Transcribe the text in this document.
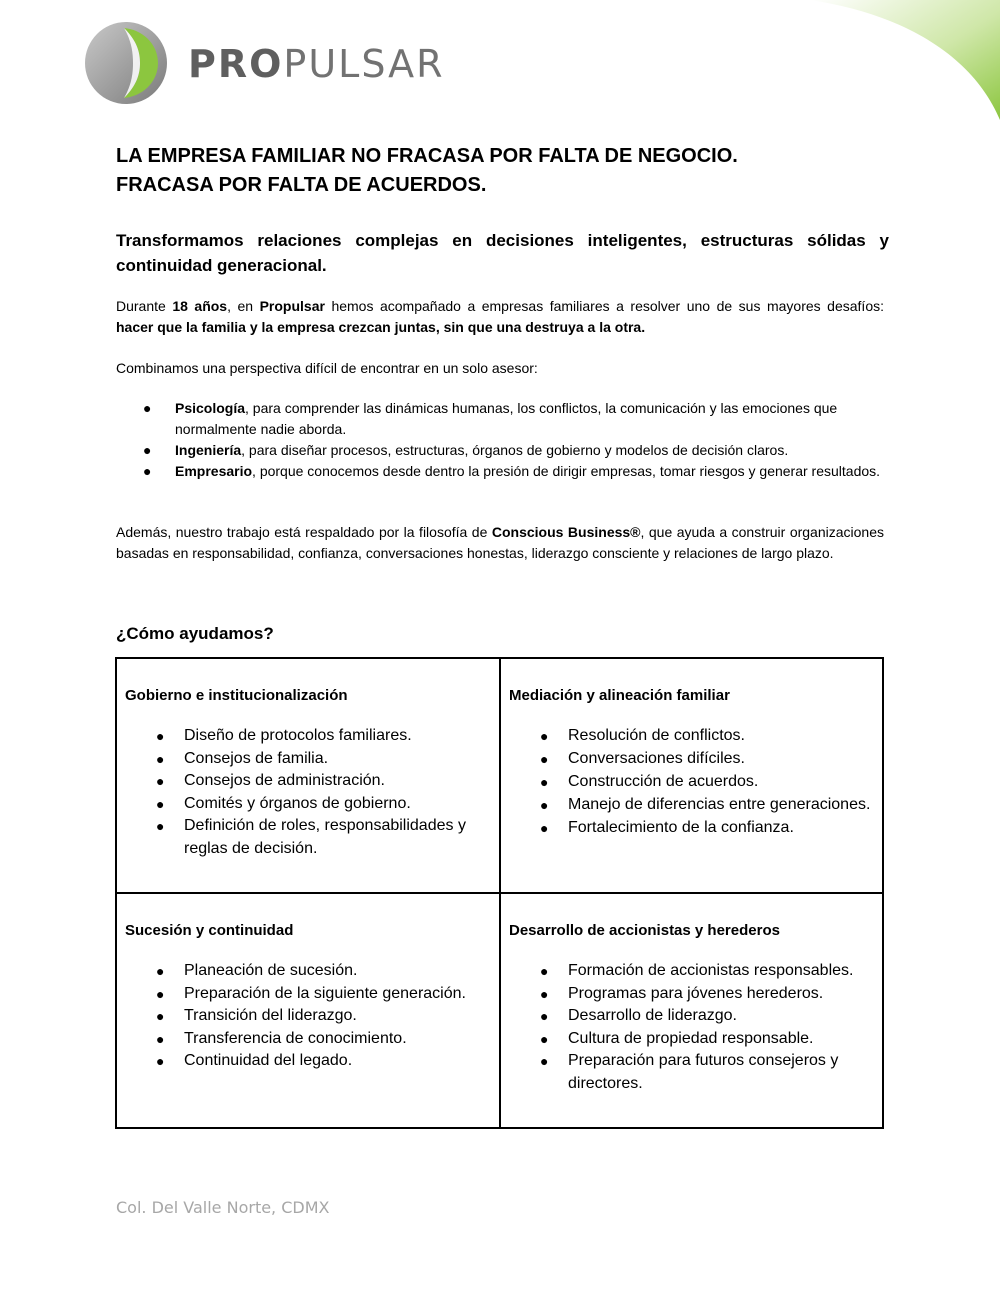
PROPULSAR
LA EMPRESA FAMILIAR NO FRACASA POR FALTA DE NEGOCIO.
FRACASA POR FALTA DE ACUERDOS.
Transformamos relaciones complejas en decisiones inteligentes, estructuras sólidas y continuidad generacional.
Durante 18 años, en Propulsar hemos acompañado a empresas familiares a resolver uno de sus mayores desafíos:
hacer que la familia y la empresa crezcan juntas, sin que una destruya a la otra.
Combinamos una perspectiva difícil de encontrar en un solo asesor:
● Psicología, para comprender las dinámicas humanas, los conflictos, la comunicación y las emociones que normalmente nadie aborda.
● Ingeniería, para diseñar procesos, estructuras, órganos de gobierno y modelos de decisión claros.
● Empresario, porque conocemos desde dentro la presión de dirigir empresas, tomar riesgos y generar resultados.
Además, nuestro trabajo está respaldado por la filosofía de Conscious Business®, que ayuda a construir organizaciones basadas en responsabilidad, confianza, conversaciones honestas, liderazgo consciente y relaciones de largo plazo.
¿Cómo ayudamos?
Gobierno e institucionalización
● Diseño de protocolos familiares.
● Consejos de familia.
● Consejos de administración.
● Comités y órganos de gobierno.
● Definición de roles, responsabilidades y reglas de decisión.
Mediación y alineación familiar
● Resolución de conflictos.
● Conversaciones difíciles.
● Construcción de acuerdos.
● Manejo de diferencias entre generaciones.
● Fortalecimiento de la confianza.
Sucesión y continuidad
● Planeación de sucesión.
● Preparación de la siguiente generación.
● Transición del liderazgo.
● Transferencia de conocimiento.
● Continuidad del legado.
Desarrollo de accionistas y herederos
● Formación de accionistas responsables.
● Programas para jóvenes herederos.
● Desarrollo de liderazgo.
● Cultura de propiedad responsable.
● Preparación para futuros consejeros y directores.
Col. Del Valle Norte, CDMX
